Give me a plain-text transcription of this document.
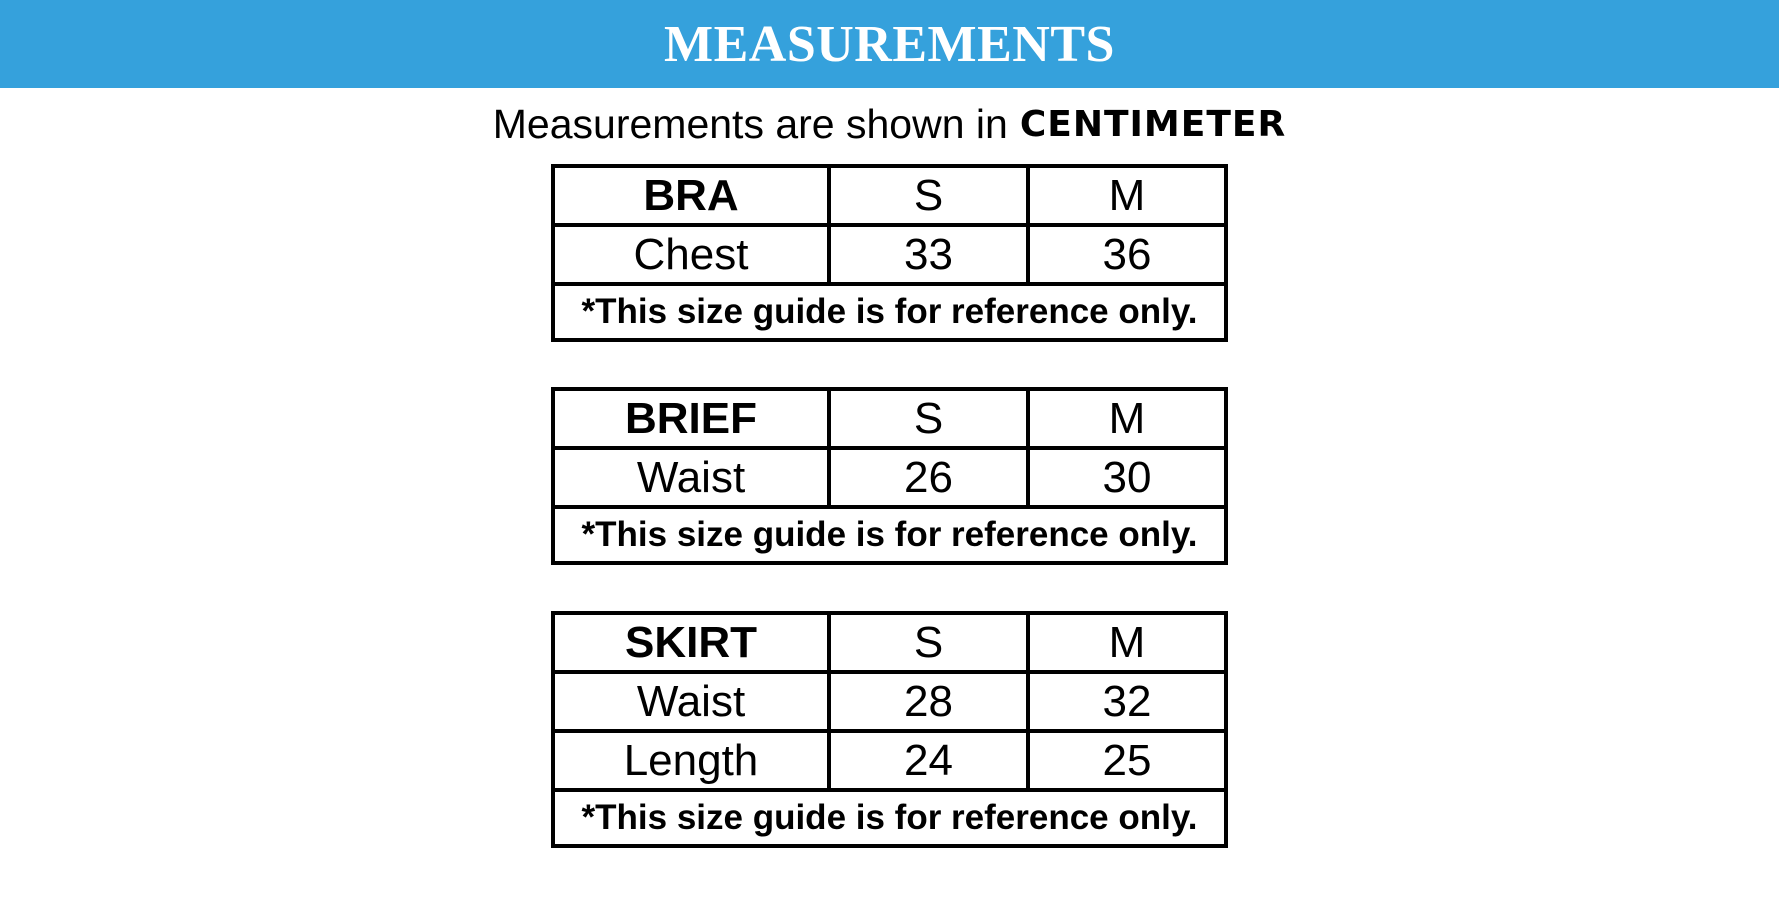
MEASUREMENTS
Measurements are shown in CENTIMETER
BRA	S	M
Chest	33	36
*This size guide is for reference only.		
BRIEF	S	M
Waist	26	30
*This size guide is for reference only.		
SKIRT	S	M
Waist	28	32
Length	24	25
*This size guide is for reference only.		
